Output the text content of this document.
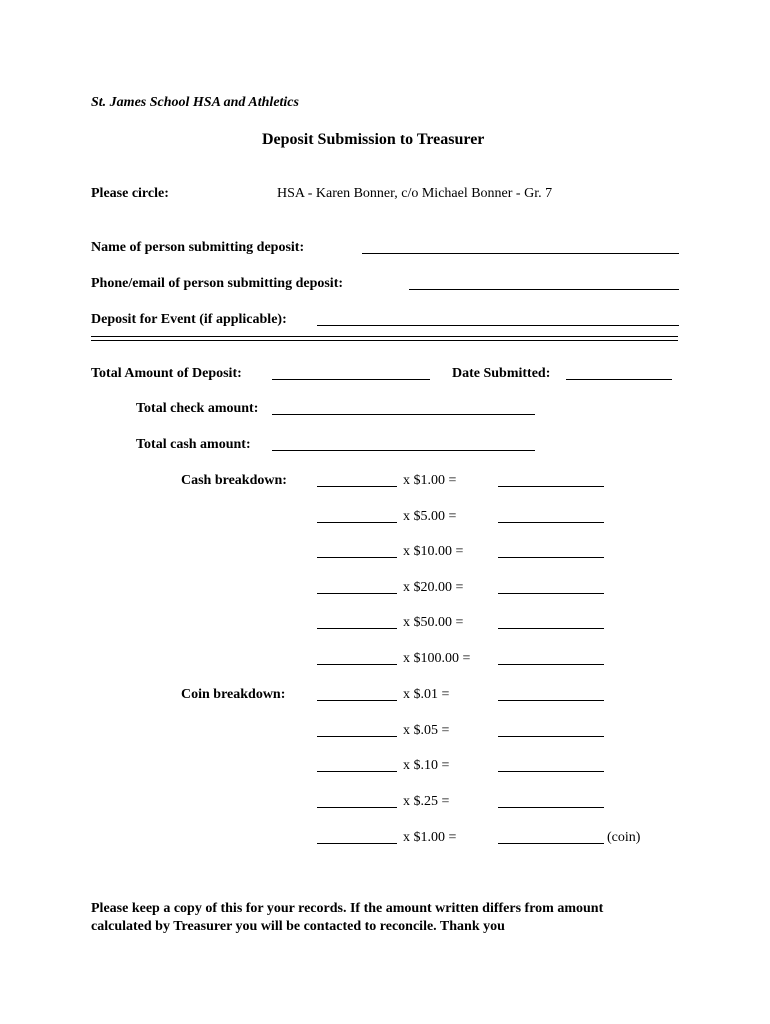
St. James School HSA and Athletics
Deposit Submission to Treasurer
Please circle:	HSA - Karen Bonner, c/o Michael Bonner - Gr. 7
Name of person submitting deposit:
Phone/email of person submitting deposit:
Deposit for Event (if applicable):
Total Amount of Deposit:	Date Submitted:
Total check amount:
Total cash amount:
Cash breakdown:	x $1.00 =
x $5.00 =
x $10.00 =
x $20.00 =
x $50.00 =
x $100.00 =
Coin breakdown:	x $.01 =
x $.05 =
x $.10 =
x $.25 =
x $1.00 =	(coin)
Please keep a copy of this for your records. If the amount written differs from amount
calculated by Treasurer you will be contacted to reconcile. Thank you
